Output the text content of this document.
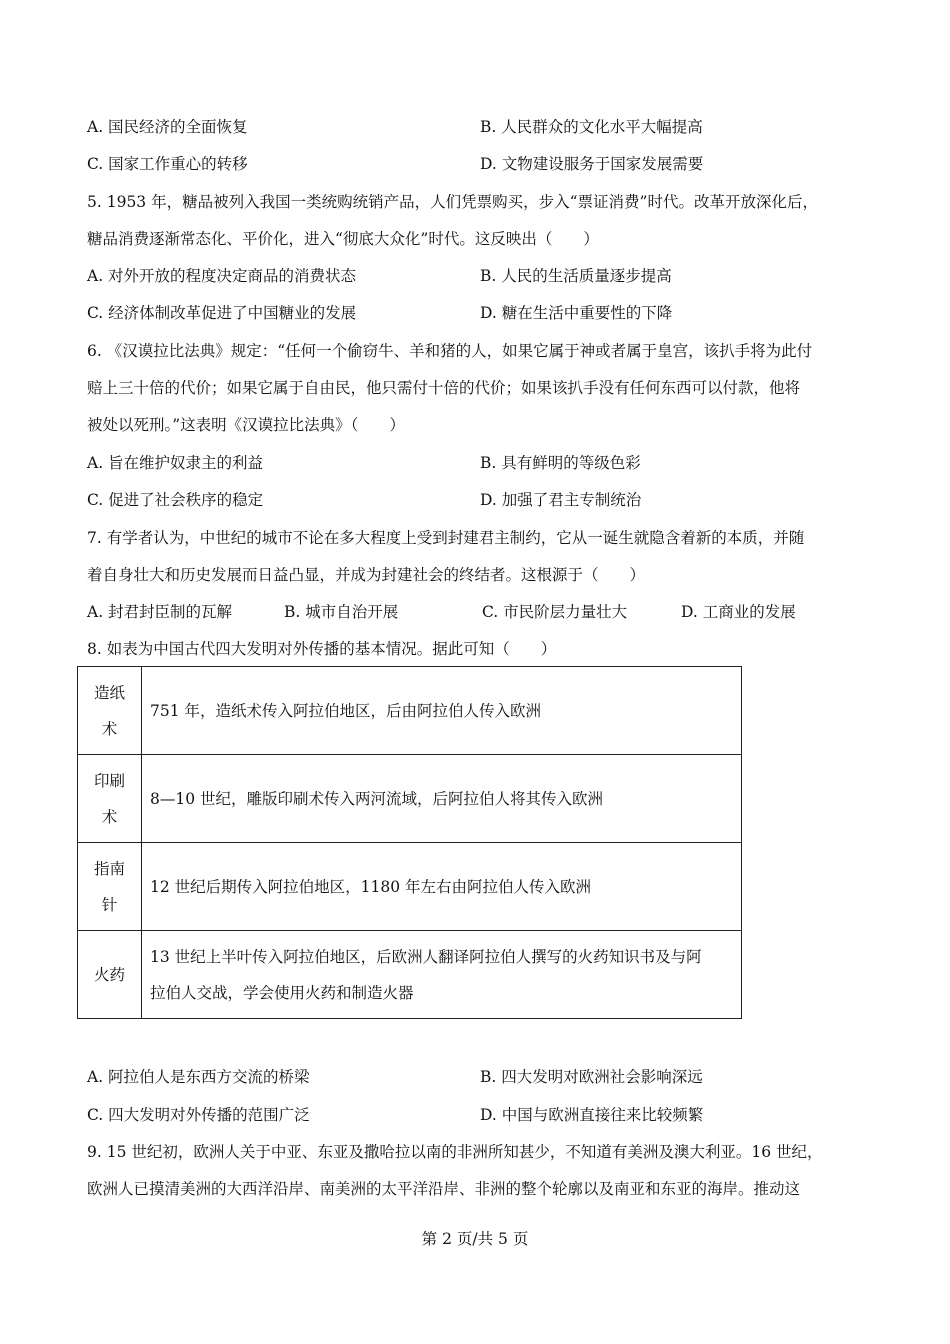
A. 国民经济的全面恢复	B. 人民群众的文化水平大幅提高
C. 国家工作重心的转移	D. 文物建设服务于国家发展需要
5. 1953 年，糖品被列入我国一类统购统销产品，人们凭票购买，步入“票证消费”时代。改革开放深化后，
糖品消费逐渐常态化、平价化，进入“彻底大众化”时代。这反映出（　　）
A. 对外开放的程度决定商品的消费状态	B. 人民的生活质量逐步提高
C. 经济体制改革促进了中国糖业的发展	D. 糖在生活中重要性的下降
6. 《汉谟拉比法典》规定：“任何一个偷窃牛、羊和猪的人，如果它属于神或者属于皇宫，该扒手将为此付
赔上三十倍的代价；如果它属于自由民，他只需付十倍的代价；如果该扒手没有任何东西可以付款，他将
被处以死刑。”这表明《汉谟拉比法典》（　　）
A. 旨在维护奴隶主的利益	B. 具有鲜明的等级色彩
C. 促进了社会秩序的稳定	D. 加强了君主专制统治
7. 有学者认为，中世纪的城市不论在多大程度上受到封建君主制约，它从一诞生就隐含着新的本质，并随
着自身壮大和历史发展而日益凸显，并成为封建社会的终结者。这根源于（　　）
A. 封君封臣制的瓦解	B. 城市自治开展	C. 市民阶层力量壮大	D. 工商业的发展
8. 如表为中国古代四大发明对外传播的基本情况。据此可知（　　）
造纸
术	751 年，造纸术传入阿拉伯地区，后由阿拉伯人传入欧洲

印刷
术	8—10 世纪，雕版印刷术传入两河流域，后阿拉伯人将其传入欧洲

指南
针	12 世纪后期传入阿拉伯地区，1180 年左右由阿拉伯人传入欧洲

火药	13 世纪上半叶传入阿拉伯地区，后欧洲人翻译阿拉伯人撰写的火药知识书及与阿
拉伯人交战，学会使用火药和制造火器
A. 阿拉伯人是东西方交流的桥梁	B. 四大发明对欧洲社会影响深远
C. 四大发明对外传播的范围广泛	D. 中国与欧洲直接往来比较频繁
9. 15 世纪初，欧洲人关于中亚、东亚及撒哈拉以南的非洲所知甚少，不知道有美洲及澳大利亚。16 世纪，
欧洲人已摸清美洲的大西洋沿岸、南美洲的太平洋沿岸、非洲的整个轮廓以及南亚和东亚的海岸。推动这
第 2 页/共 5 页
